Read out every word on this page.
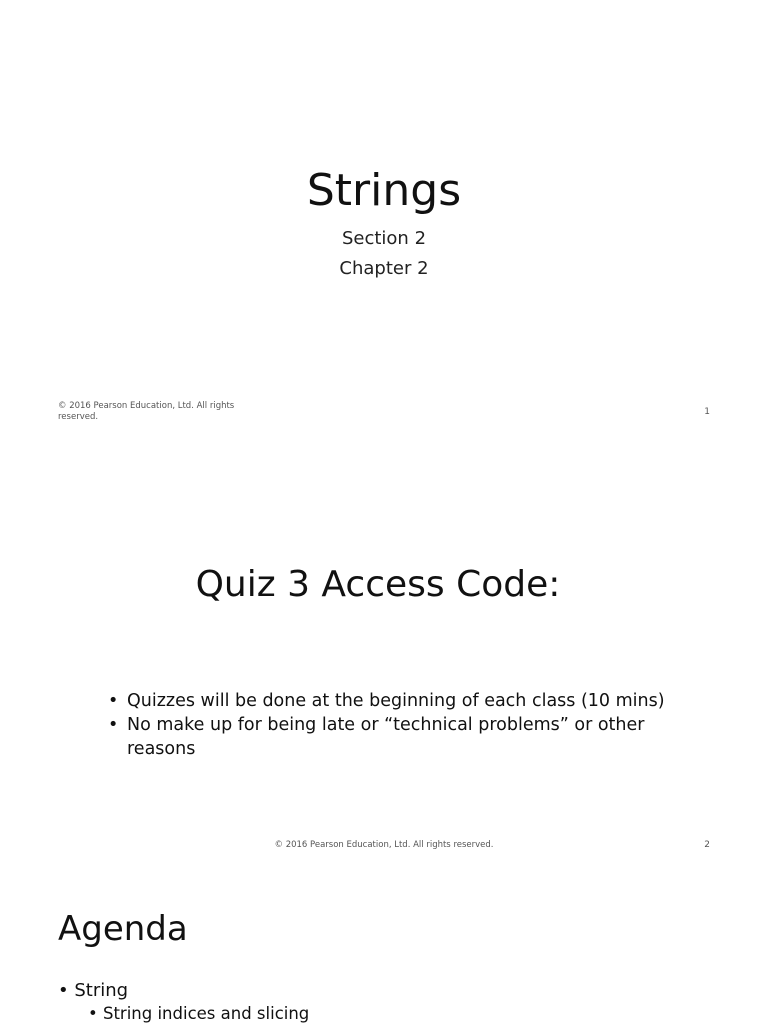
Strings
Section 2
Chapter 2
© 2016 Pearson Education, Ltd. All rights reserved.	1
Quiz 3 Access Code:
• Quizzes will be done at the beginning of each class (10 mins)
• No make up for being late or “technical problems” or other reasons
© 2016 Pearson Education, Ltd. All rights reserved.	2
Agenda
• String
• String indices and slicing
